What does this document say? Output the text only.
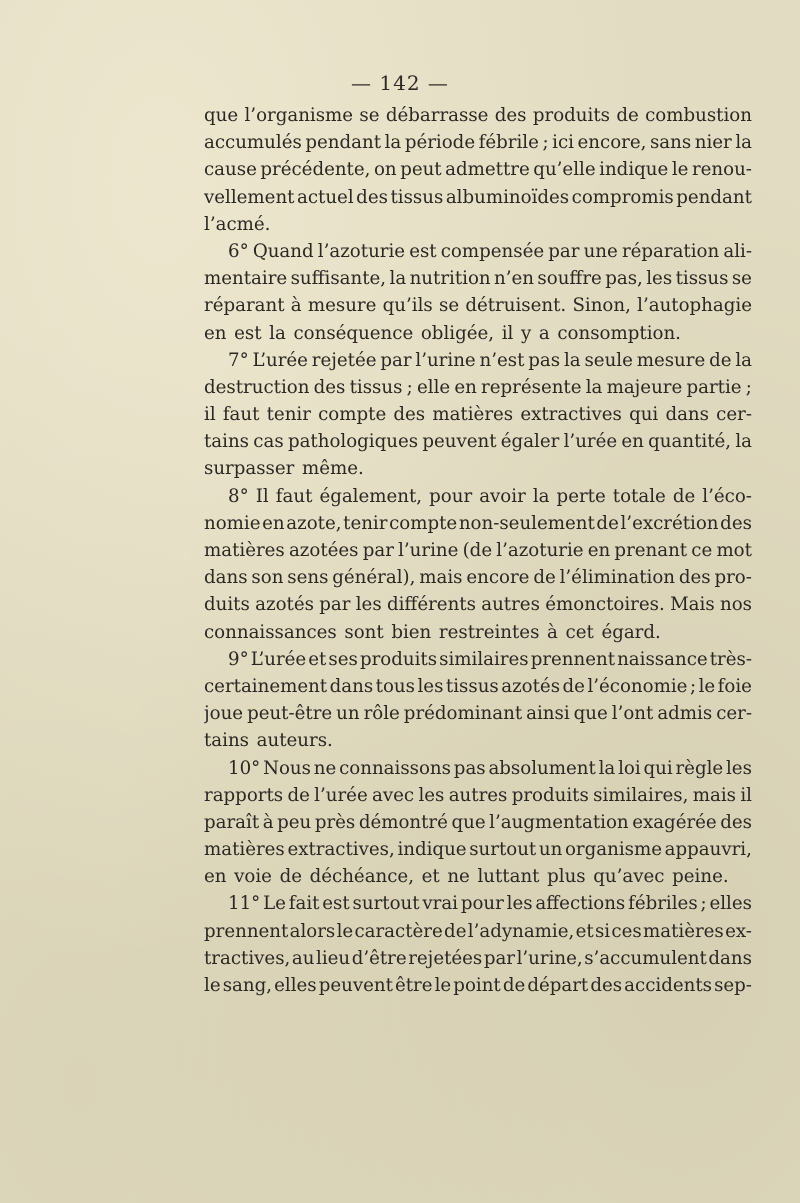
— 142 —
que l’organisme se débarrasse des produits de combustion
accumulés pendant la période fébrile ; ici encore, sans nier la
cause précédente, on peut admettre qu’elle indique le renou-
vellement actuel des tissus albuminoïdes compromis pendant
l’acmé.
6° Quand l’azoturie est compensée par une réparation ali-
mentaire suffisante, la nutrition n’en souffre pas, les tissus se
réparant à mesure qu’ils se détruisent. Sinon, l’autophagie
en est la conséquence obligée, il y a consomption.
7° L’urée rejetée par l’urine n’est pas la seule mesure de la
destruction des tissus ; elle en représente la majeure partie ;
il faut tenir compte des matières extractives qui dans cer-
tains cas pathologiques peuvent égaler l’urée en quantité, la
surpasser même.
8° Il faut également, pour avoir la perte totale de l’éco-
nomie en azote, tenir compte non-seulement de l’excrétion des
matières azotées par l’urine (de l’azoturie en prenant ce mot
dans son sens général), mais encore de l’élimination des pro-
duits azotés par les différents autres émonctoires. Mais nos
connaissances sont bien restreintes à cet égard.
9° L’urée et ses produits similaires prennent naissance très-
certainement dans tous les tissus azotés de l’économie ; le foie
joue peut-être un rôle prédominant ainsi que l’ont admis cer-
tains auteurs.
10° Nous ne connaissons pas absolument la loi qui règle les
rapports de l’urée avec les autres produits similaires, mais il
paraît à peu près démontré que l’augmentation exagérée des
matières extractives, indique surtout un organisme appauvri,
en voie de déchéance, et ne luttant plus qu’avec peine.
11° Le fait est surtout vrai pour les affections fébriles ; elles
prennent alors le caractère de l’adynamie, et si ces matières ex-
tractives, au lieu d’être rejetées par l’urine, s’accumulent dans
le sang, elles peuvent être le point de départ des accidents sep-
